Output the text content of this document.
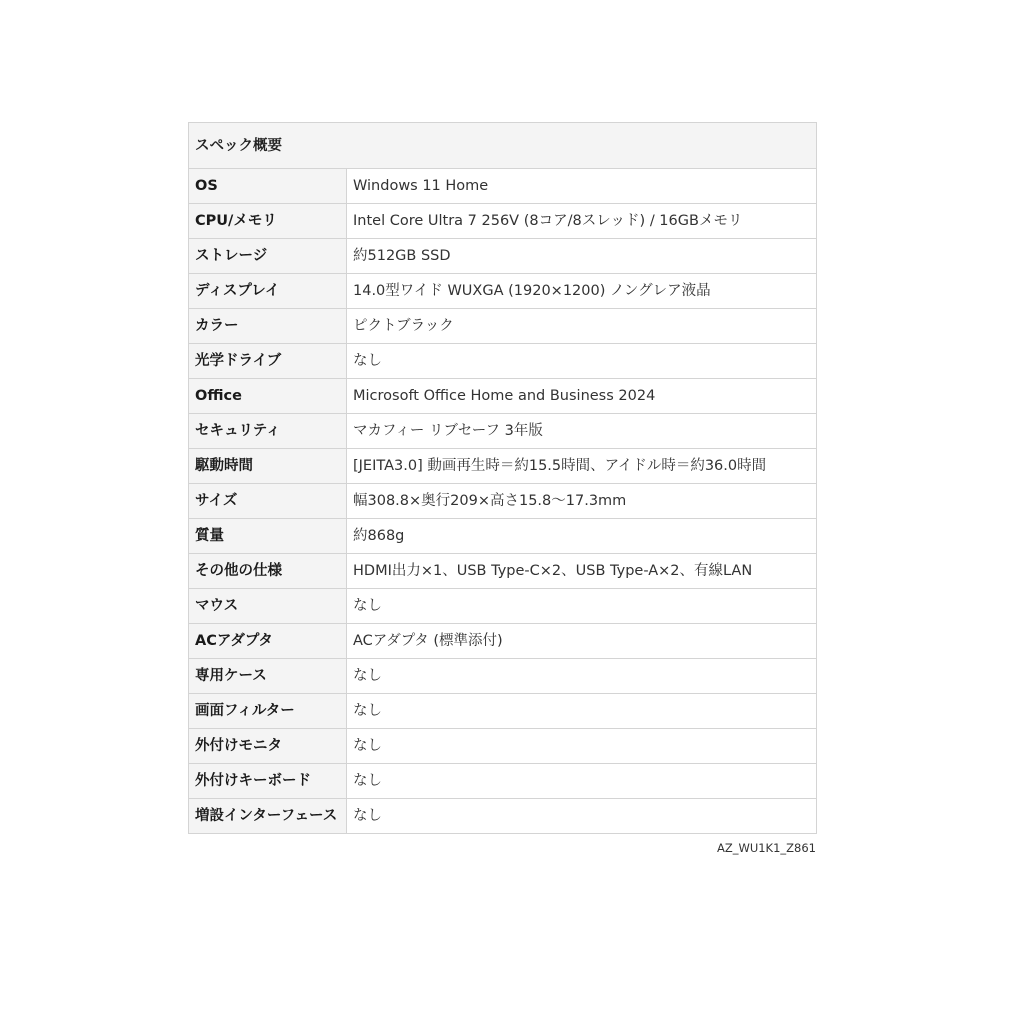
スペック概要	
OS	Windows 11 Home
CPU/メモリ	Intel Core Ultra 7 256V (8コア/8スレッド) / 16GBメモリ
ストレージ	約512GB SSD
ディスプレイ	14.0型ワイド WUXGA (1920×1200) ノングレア液晶
カラー	ピクトブラック
光学ドライブ	なし
Office	Microsoft Office Home and Business 2024
セキュリティ	マカフィー リブセーフ 3年版
駆動時間	[JEITA3.0] 動画再生時＝約15.5時間、アイドル時＝約36.0時間
サイズ	幅308.8×奥行209×高さ15.8～17.3mm
質量	約868g
その他の仕様	HDMI出力×1、USB Type-C×2、USB Type-A×2、有線LAN
マウス	なし
ACアダプタ	ACアダプタ (標準添付)
専用ケース	なし
画面フィルター	なし
外付けモニタ	なし
外付けキーボード	なし
増設インターフェース	なし
AZ_WU1K1_Z861
